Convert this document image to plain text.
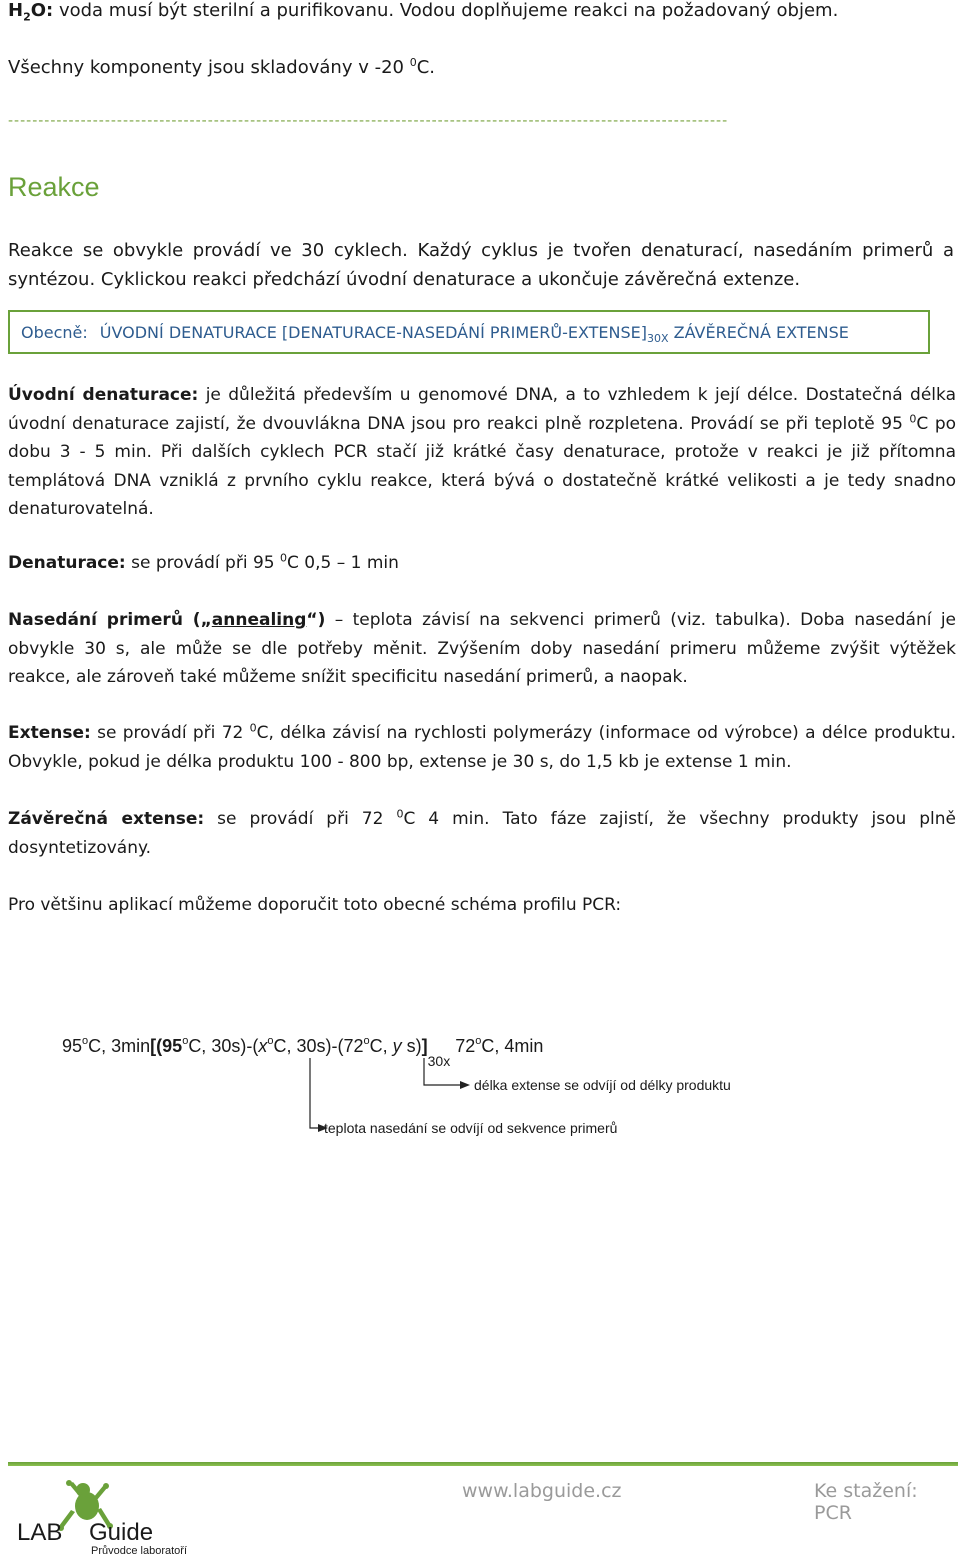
$H_2O$: voda musí být sterilní a purifikovanu. Vodou doplňujeme reakci na požadovaný objem.
Všechny komponenty jsou skladovány v -20 $^0$C.
-----------------------------------------------------------------------------------------------------------------------
Reakce
Reakce se obvykle provádí ve 30 cyklech. Každý cyklus je tvořen denaturací, nasedáním primerů a syntézou. Cyklickou reakci předchází úvodní denaturace a ukončuje závěrečná extenze.
Obecně: ÚVODNÍ DENATURACE [DENATURACE-NASEDÁNÍ PRIMERŮ-$EXTENSE]_{30X}$ ZÁVĚREČNÁ EXTENSE
Úvodní denaturace: je důležitá především u genomové DNA, a to vzhledem k její délce. Dostatečná délka úvodní denaturace zajistí, že dvouvlákna DNA jsou pro reakci plně rozpletena. Provádí se při teplotě 95 $^0$C po dobu 3 - 5 min. Při dalších cyklech PCR stačí již krátké časy denaturace, protože v reakci je již přítomna templátová DNA vzniklá z prvního cyklu reakce, která bývá o dostatečně krátké velikosti a je tedy snadno denaturovatelná.
Denaturace: se provádí při 95 $^0$C 0,5 – 1 min
Nasedání primerů („annealing“) – teplota závisí na sekvenci primerů (viz. tabulka). Doba nasedání je obvykle 30 s, ale může se dle potřeby měnit. Zvýšením doby nasedání primeru můžeme zvýšit výtěžek reakce, ale zároveň také můžeme snížit specificitu nasedání primerů, a naopak.
Extense: se provádí při 72 $^0$C, délka závisí na rychlosti polymerázy (informace od výrobce) a délce produktu. Obvykle, pokud je délka produktu 100 - 800 bp, extense je 30 s, do 1,5 kb je extense 1 min.
Závěrečná extense: se provádí při 72 $^0$C 4 min. Tato fáze zajistí, že všechny produkty jsou plně dosyntetizovány.
Pro většinu aplikací můžeme doporučit toto obecné schéma profilu PCR:
95$^o$C, 3min[(95$^o$C, $30s)-(x^oC$, 30s)-(72$^o$C, y $s)]_{30x}$ 72$^o$C, 4min
délka extense se odvíjí od délky produktu
teplota nasedání se odvíjí od sekvence primerů
LAB Guide
Průvodce laboratoří
www.labguide.cz	Ke stažení: PCR
